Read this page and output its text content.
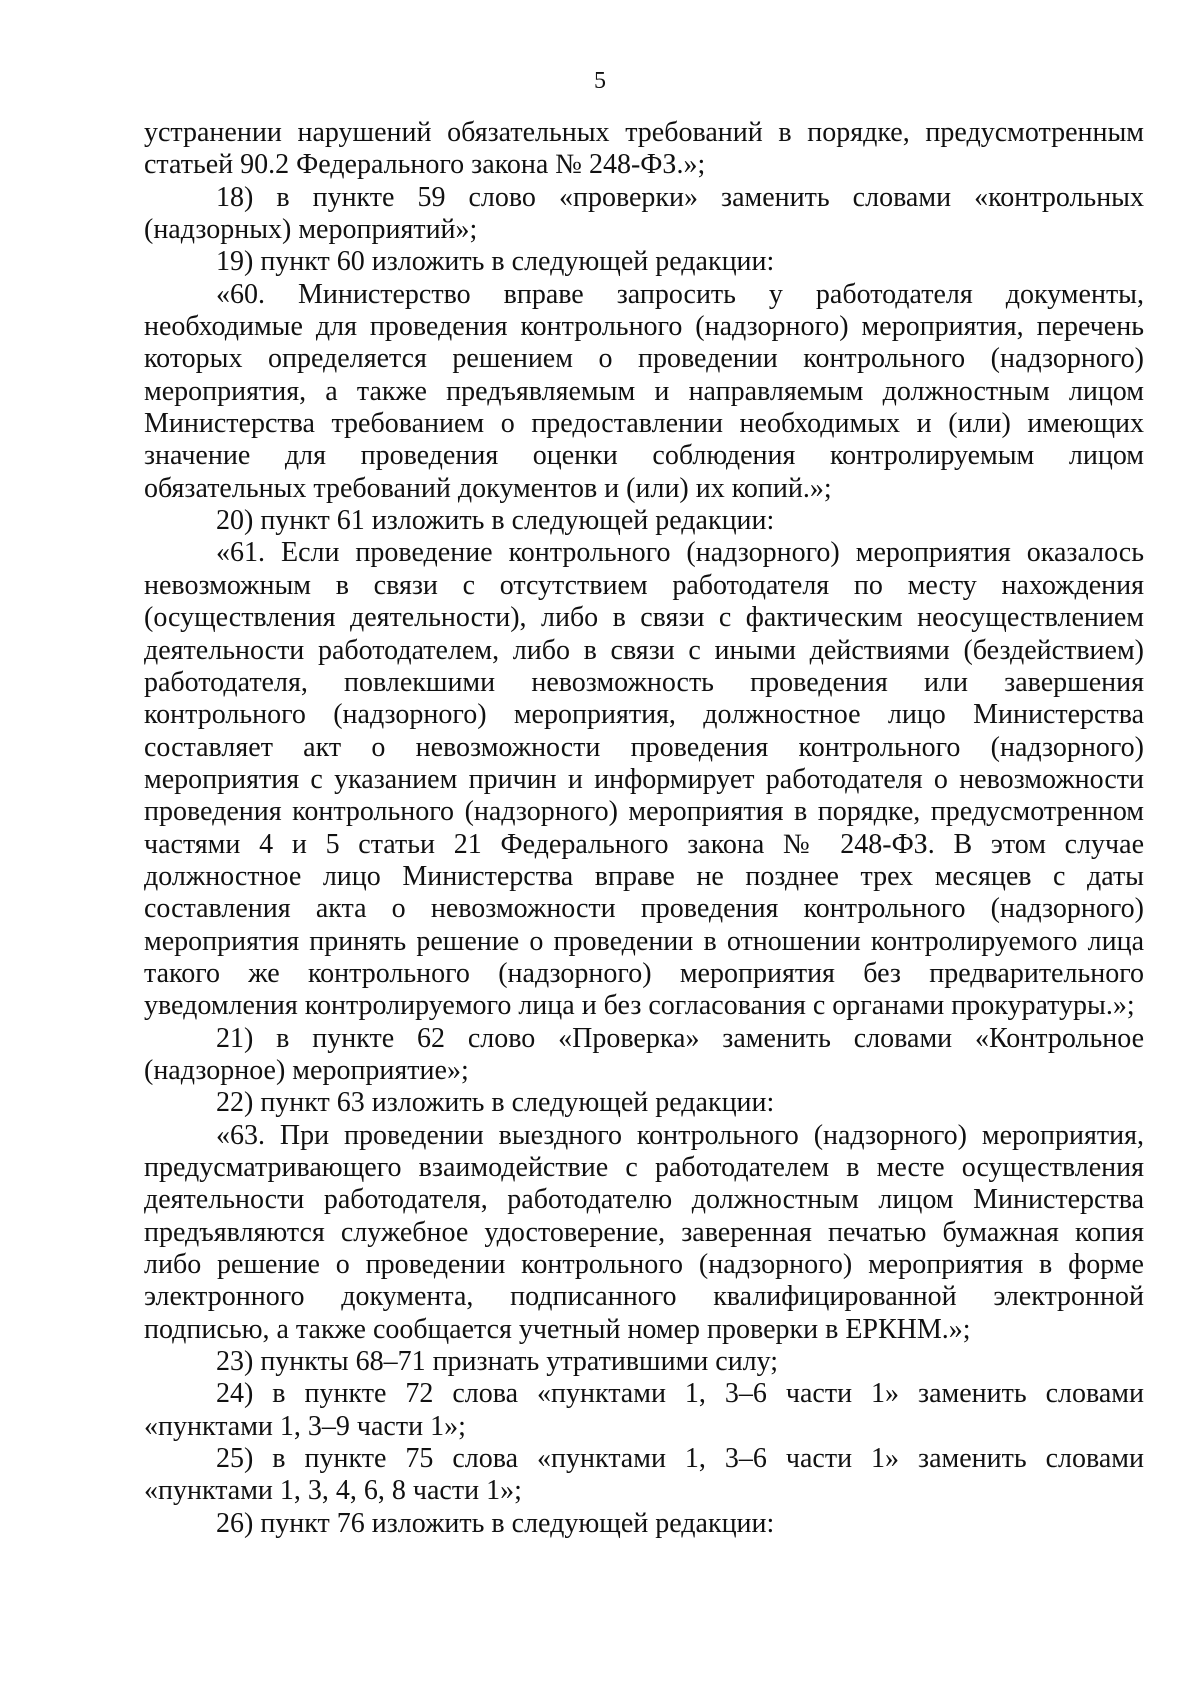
5

устранении нарушений обязательных требований в порядке, предусмотренным статьей 90.2 Федерального закона № 248-ФЗ.»;

18) в пункте 59 слово «проверки» заменить словами «контрольных (надзорных) мероприятий»;

19) пункт 60 изложить в следующей редакции:

«60. Министерство вправе запросить у работодателя документы, необходимые для проведения контрольного (надзорного) мероприятия, перечень которых определяется решением о проведении контрольного (надзорного) мероприятия, а также предъявляемым и направляемым должностным лицом Министерства требованием о предоставлении необходимых и (или) имеющих значение для проведения оценки соблюдения контролируемым лицом обязательных требований документов и (или) их копий.»;

20) пункт 61 изложить в следующей редакции:

«61. Если проведение контрольного (надзорного) мероприятия оказалось невозможным в связи с отсутствием работодателя по месту нахождения (осуществления деятельности), либо в связи с фактическим неосуществлением деятельности работодателем, либо в связи с иными действиями (бездействием) работодателя, повлекшими невозможность проведения или завершения контрольного (надзорного) мероприятия, должностное лицо Министерства составляет акт о невозможности проведения контрольного (надзорного) мероприятия с указанием причин и информирует работодателя о невозможности проведения контрольного (надзорного) мероприятия в порядке, предусмотренном частями 4 и 5 статьи 21 Федерального закона № 248-ФЗ. В этом случае должностное лицо Министерства вправе не позднее трех месяцев с даты составления акта о невозможности проведения контрольного (надзорного) мероприятия принять решение о проведении в отношении контролируемого лица такого же контрольного (надзорного) мероприятия без предварительного уведомления контролируемого лица и без согласования с органами прокуратуры.»;

21) в пункте 62 слово «Проверка» заменить словами «Контрольное (надзорное) мероприятие»;

22) пункт 63 изложить в следующей редакции:

«63. При проведении выездного контрольного (надзорного) мероприятия, предусматривающего взаимодействие с работодателем в месте осуществления деятельности работодателя, работодателю должностным лицом Министерства предъявляются служебное удостоверение, заверенная печатью бумажная копия либо решение о проведении контрольного (надзорного) мероприятия в форме электронного документа, подписанного квалифицированной электронной подписью, а также сообщается учетный номер проверки в ЕРКНМ.»;

23) пункты 68–71 признать утратившими силу;

24) в пункте 72 слова «пунктами 1, 3–6 части 1» заменить словами «пунктами 1, 3–9 части 1»;

25) в пункте 75 слова «пунктами 1, 3–6 части 1» заменить словами «пунктами 1, 3, 4, 6, 8 части 1»;

26) пункт 76 изложить в следующей редакции:
